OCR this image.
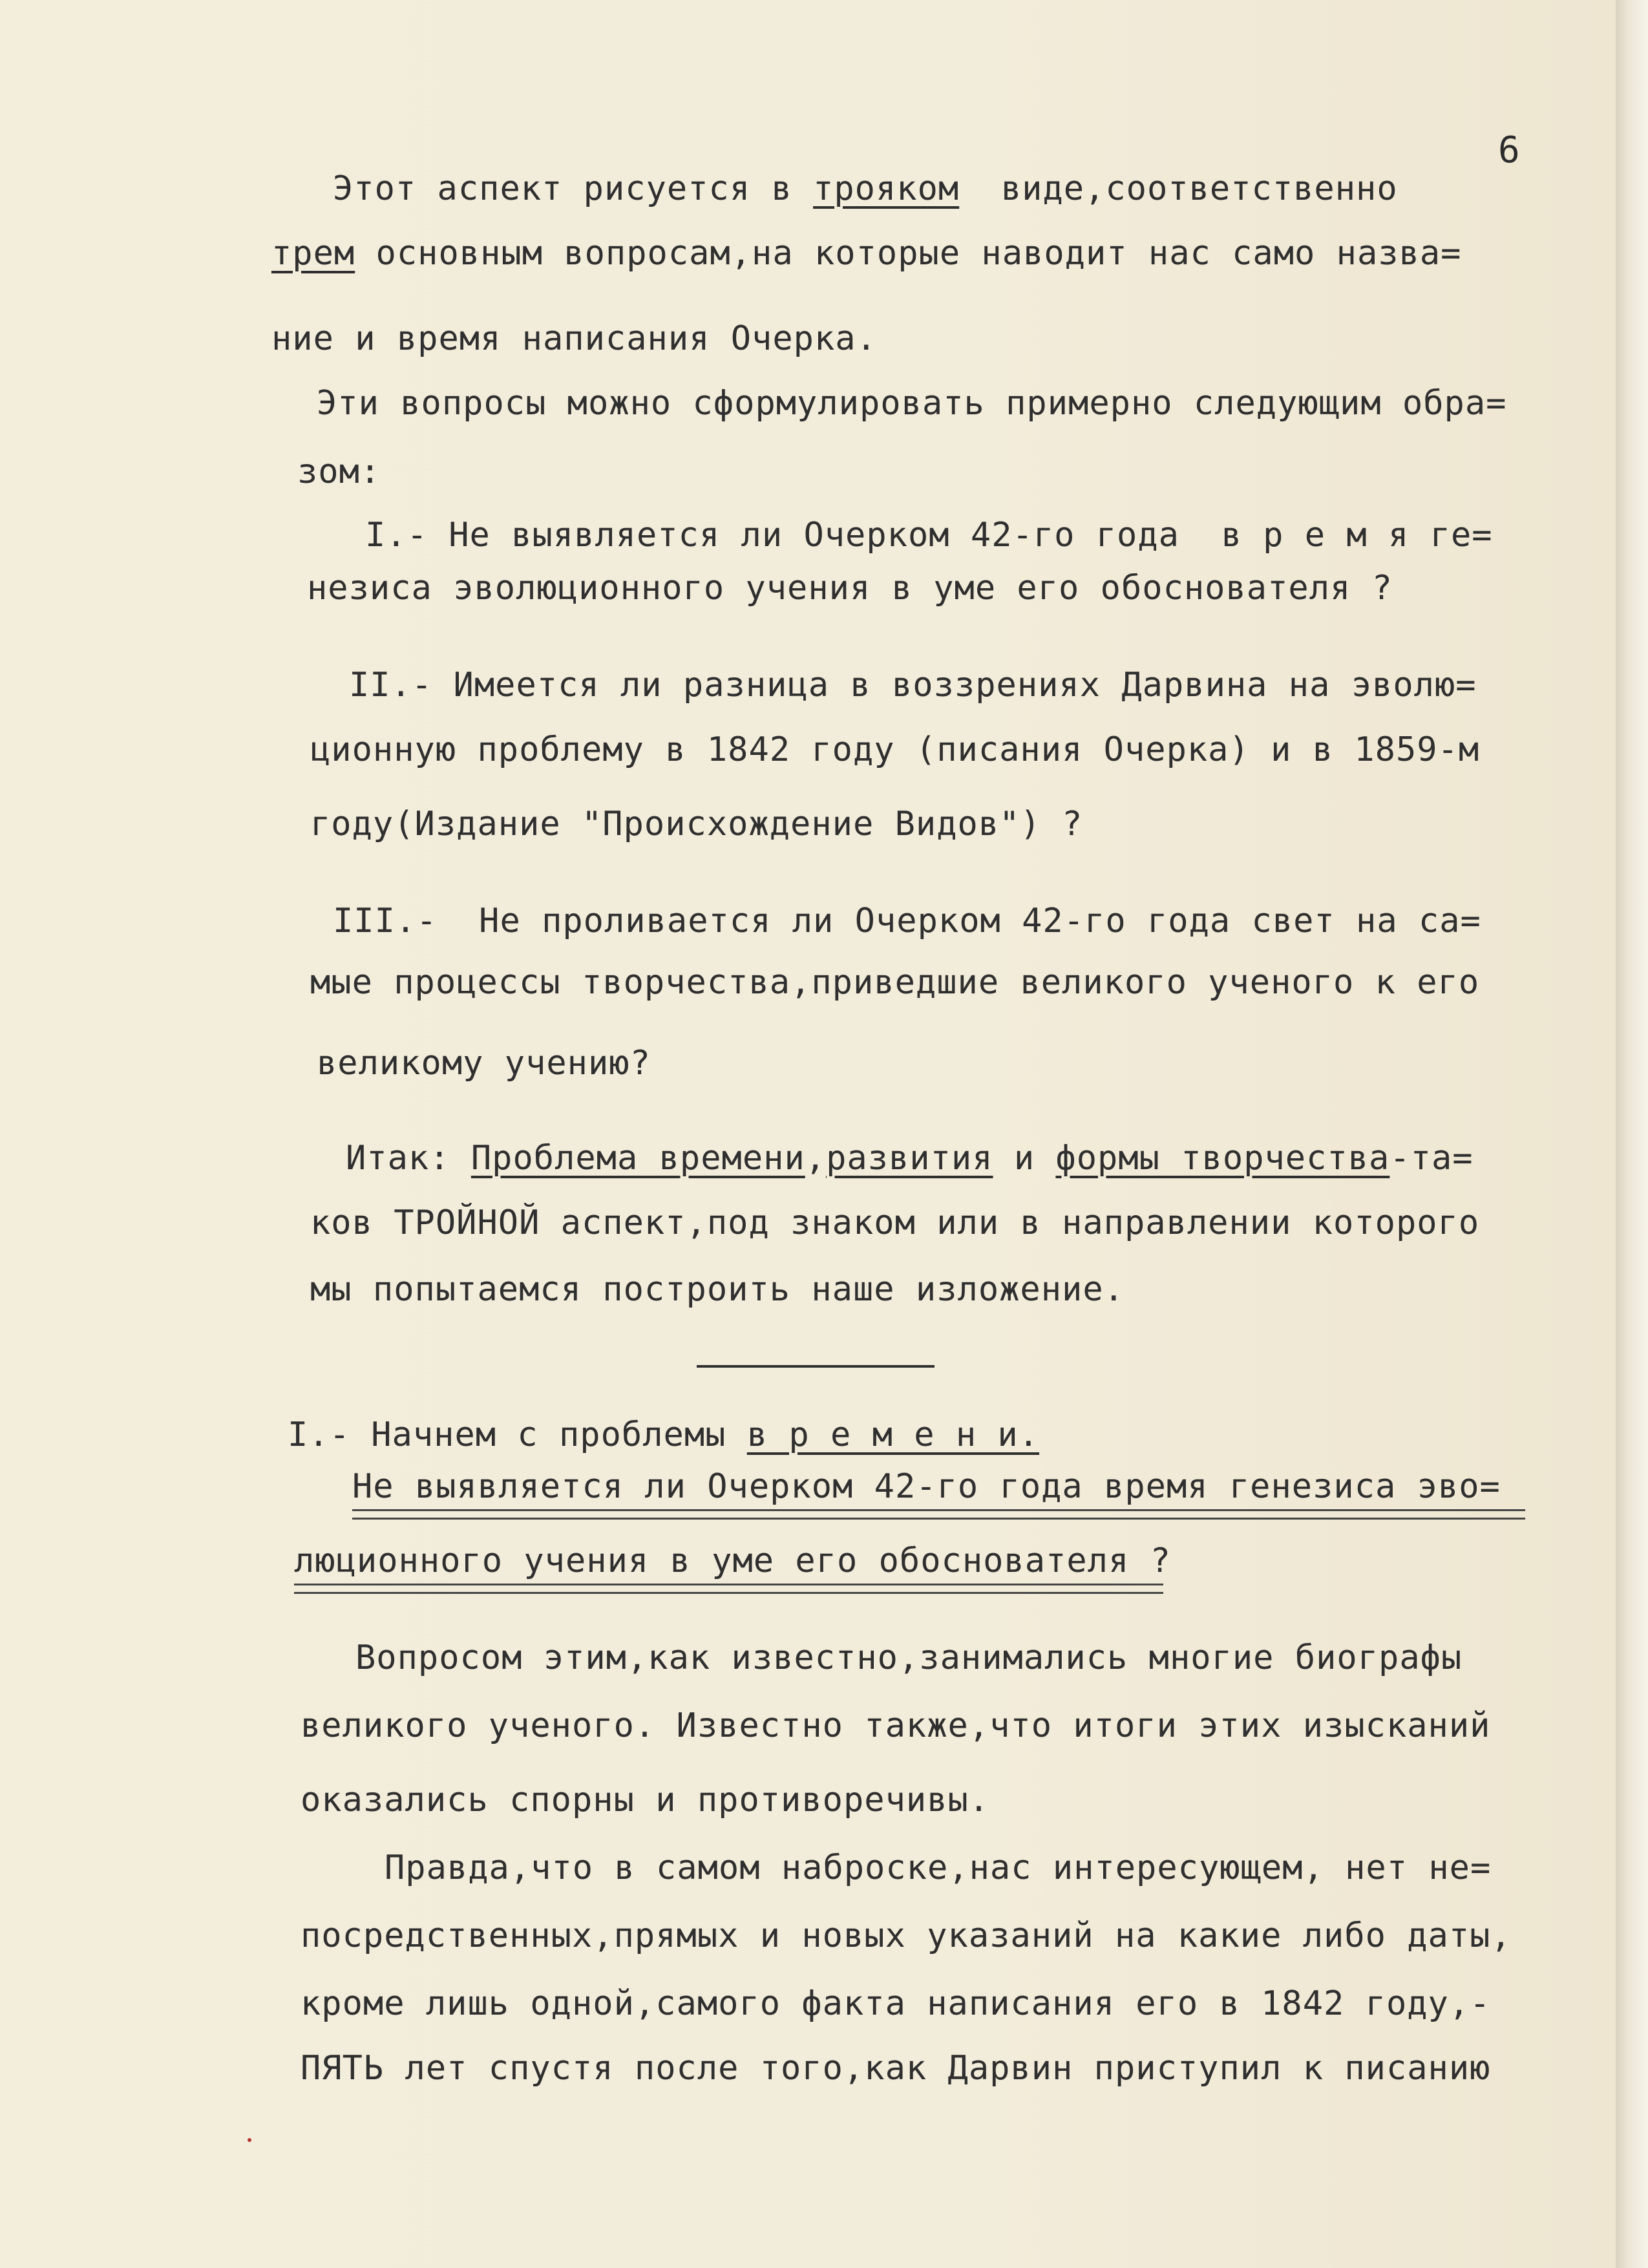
6

Этот аспект рисуется в трояком  виде,соответственно

трем основным вопросам,на которые наводит нас само назва=

ние и время написания Очерка.

Эти вопросы можно сформулировать примерно следующим обра=

зом:

I.- Не выявляется ли Очерком 42-го года  в р е м я ге=

незиса эволюционного учения в уме его обоснователя ?

II.- Имеется ли разница в воззрениях Дарвина на эволю=

ционную проблему в 1842 году (писания Очерка) и в 1859-м

году(Издание "Происхождение Видов") ?

III.-  Не проливается ли Очерком 42-го года свет на са=

мые процессы творчества,приведшие великого ученого к его

великому учению?

Итак: Проблема времени,развития и формы творчества-та=

ков ТРОЙНОЙ аспект,под знаком или в направлении которого

мы попытаемся построить наше изложение.

I.- Начнем с проблемы в р е м е н и.

Не выявляется ли Очерком 42-го года время генезиса эво=

люционного учения в уме его обоснователя ?

Вопросом этим,как известно,занимались многие биографы

великого ученого. Известно также,что итоги этих изысканий

оказались спорны и противоречивы.

Правда,что в самом наброске,нас интересующем, нет не=

посредственных,прямых и новых указаний на какие либо даты,

кроме лишь одной,самого факта написания его в 1842 году,-

ПЯТЬ лет спустя после того,как Дарвин приступил к писанию
